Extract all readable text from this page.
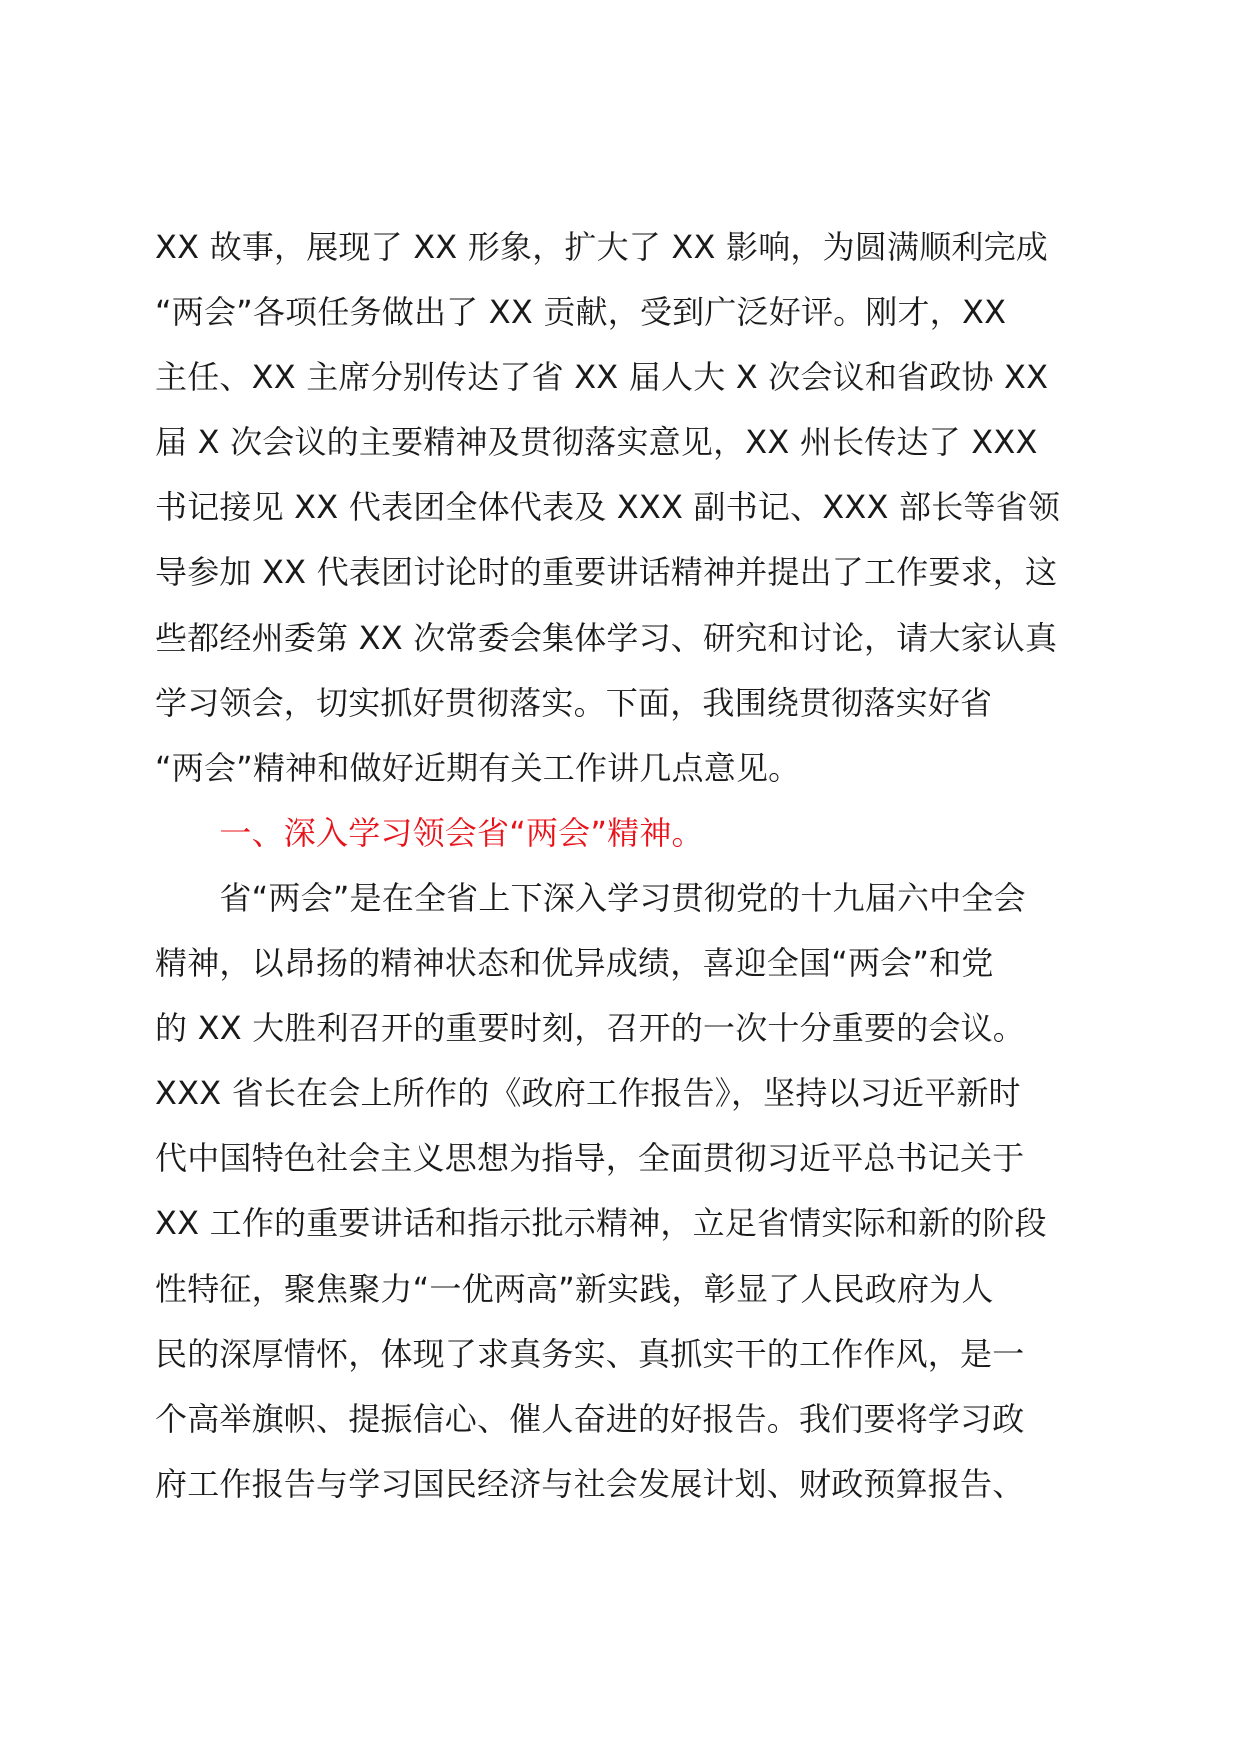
XX 故事，展现了 XX 形象，扩大了 XX 影响，为圆满顺利完成
“两会”各项任务做出了 XX 贡献，受到广泛好评。刚才，XX
主任、XX 主席分别传达了省 XX 届人大 X 次会议和省政协 XX
届 X 次会议的主要精神及贯彻落实意见，XX 州长传达了 XXX
书记接见 XX 代表团全体代表及 XXX 副书记、XXX 部长等省领
导参加 XX 代表团讨论时的重要讲话精神并提出了工作要求，这
些都经州委第 XX 次常委会集体学习、研究和讨论，请大家认真
学习领会，切实抓好贯彻落实。下面，我围绕贯彻落实好省
“两会”精神和做好近期有关工作讲几点意见。
　　一、深入学习领会省“两会”精神。
　　省“两会”是在全省上下深入学习贯彻党的十九届六中全会
精神，以昂扬的精神状态和优异成绩，喜迎全国“两会”和党
的 XX 大胜利召开的重要时刻，召开的一次十分重要的会议。
XXX 省长在会上所作的《政府工作报告》，坚持以习近平新时
代中国特色社会主义思想为指导，全面贯彻习近平总书记关于
XX 工作的重要讲话和指示批示精神，立足省情实际和新的阶段
性特征，聚焦聚力“一优两高”新实践，彰显了人民政府为人
民的深厚情怀，体现了求真务实、真抓实干的工作作风，是一
个高举旗帜、提振信心、催人奋进的好报告。我们要将学习政
府工作报告与学习国民经济与社会发展计划、财政预算报告、
